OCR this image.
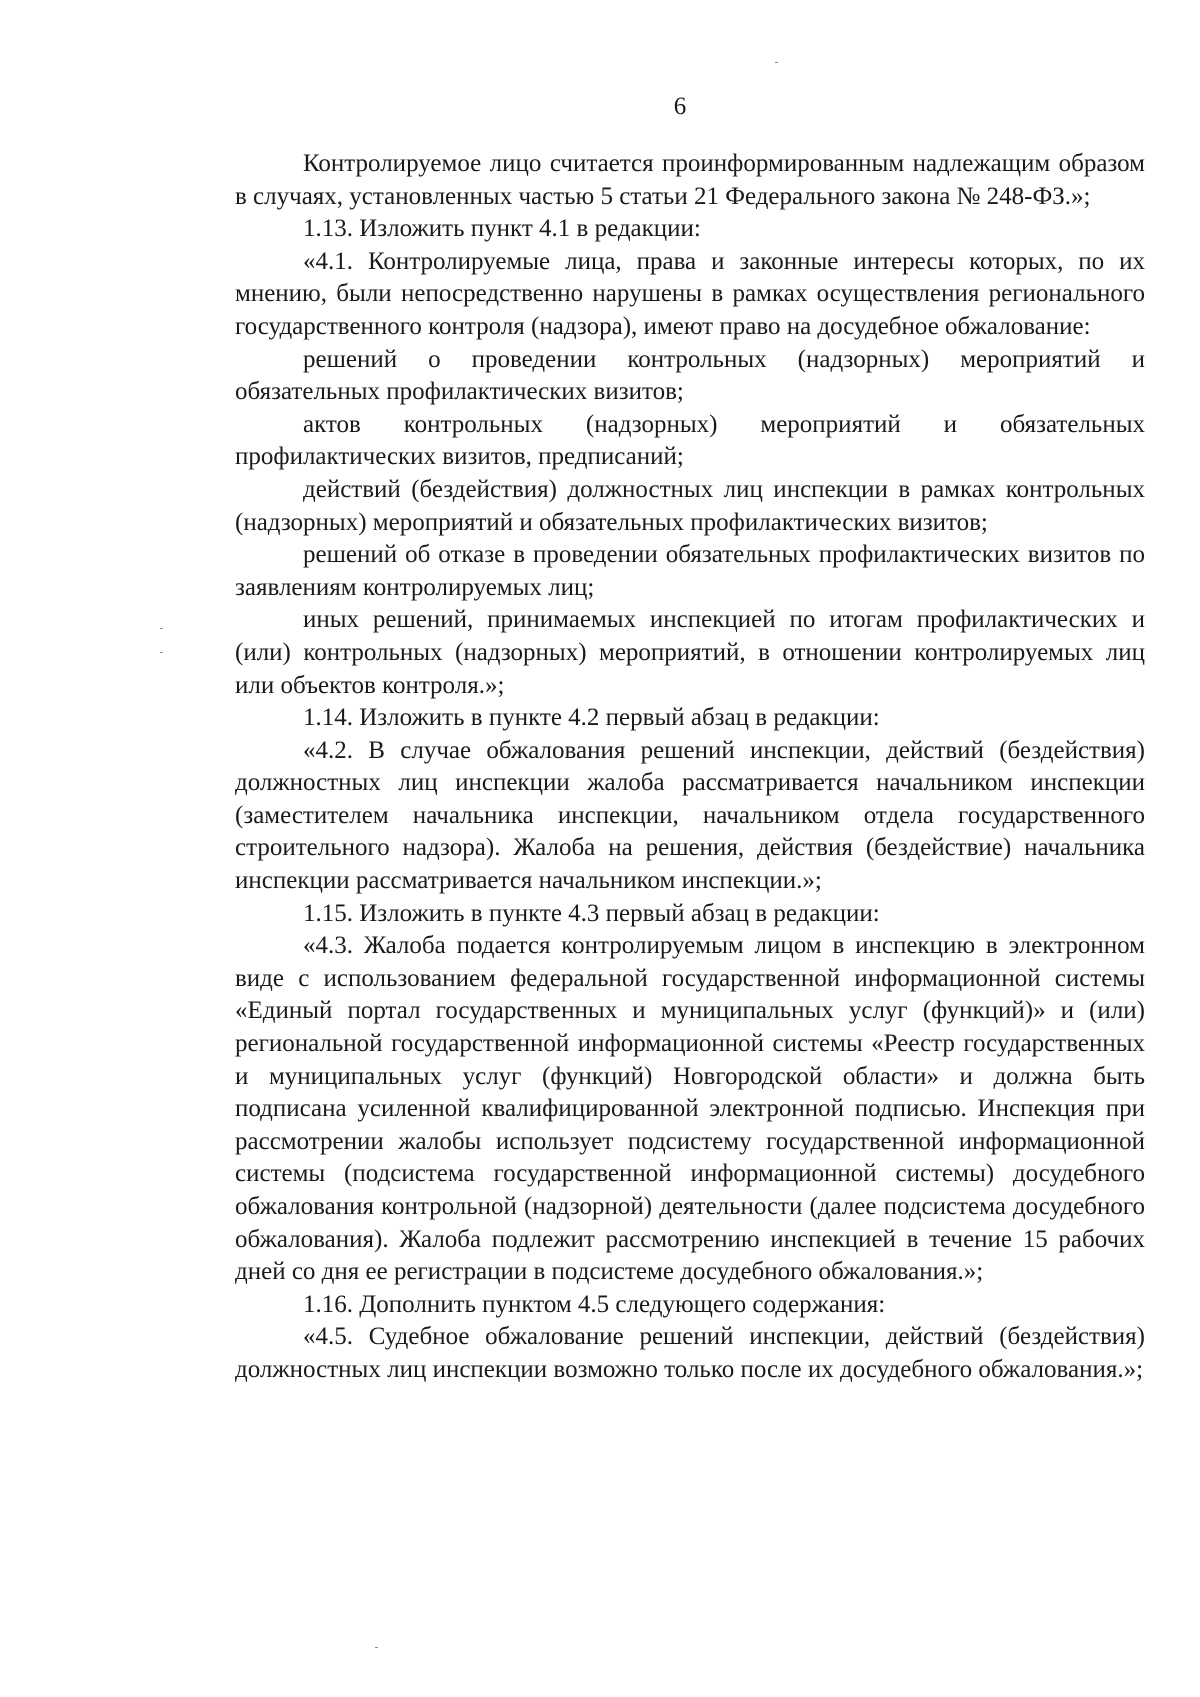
6

Контролируемое лицо считается проинформированным надлежащим образом в случаях, установленных частью 5 статьи 21 Федерального закона № 248-ФЗ.»;

1.13. Изложить пункт 4.1 в редакции:

«4.1. Контролируемые лица, права и законные интересы которых, по их мнению, были непосредственно нарушены в рамках осуществления регионального государственного контроля (надзора), имеют право на досудебное обжалование:

решений о проведении контрольных (надзорных) мероприятий и обязательных профилактических визитов;

актов контрольных (надзорных) мероприятий и обязательных профилактических визитов, предписаний;

действий (бездействия) должностных лиц инспекции в рамках контрольных (надзорных) мероприятий и обязательных профилактических визитов;

решений об отказе в проведении обязательных профилактических визитов по заявлениям контролируемых лиц;

иных решений, принимаемых инспекцией по итогам профилактических и (или) контрольных (надзорных) мероприятий, в отношении контролируемых лиц или объектов контроля.»;

1.14. Изложить в пункте 4.2 первый абзац в редакции:

«4.2. В случае обжалования решений инспекции, действий (бездействия) должностных лиц инспекции жалоба рассматривается начальником инспекции (заместителем начальника инспекции, начальником отдела государственного строительного надзора). Жалоба на решения, действия (бездействие) начальника инспекции рассматривается начальником инспекции.»;

1.15. Изложить в пункте 4.3 первый абзац в редакции:

«4.3. Жалоба подается контролируемым лицом в инспекцию в электронном виде с использованием федеральной государственной информационной системы «Единый портал государственных и муниципальных услуг (функций)» и (или) региональной государственной информационной системы «Реестр государственных и муниципальных услуг (функций) Новгородской области» и должна быть подписана усиленной квалифицированной электронной подписью. Инспекция при рассмотрении жалобы использует подсистему государственной информационной системы (подсистема государственной информационной системы) досудебного обжалования контрольной (надзорной) деятельности (далее подсистема досудебного обжалования). Жалоба подлежит рассмотрению инспекцией в течение 15 рабочих дней со дня ее регистрации в подсистеме досудебного обжалования.»;

1.16. Дополнить пунктом 4.5 следующего содержания:

«4.5. Судебное обжалование решений инспекции, действий (бездействия) должностных лиц инспекции возможно только после их досудебного обжалования.»;
